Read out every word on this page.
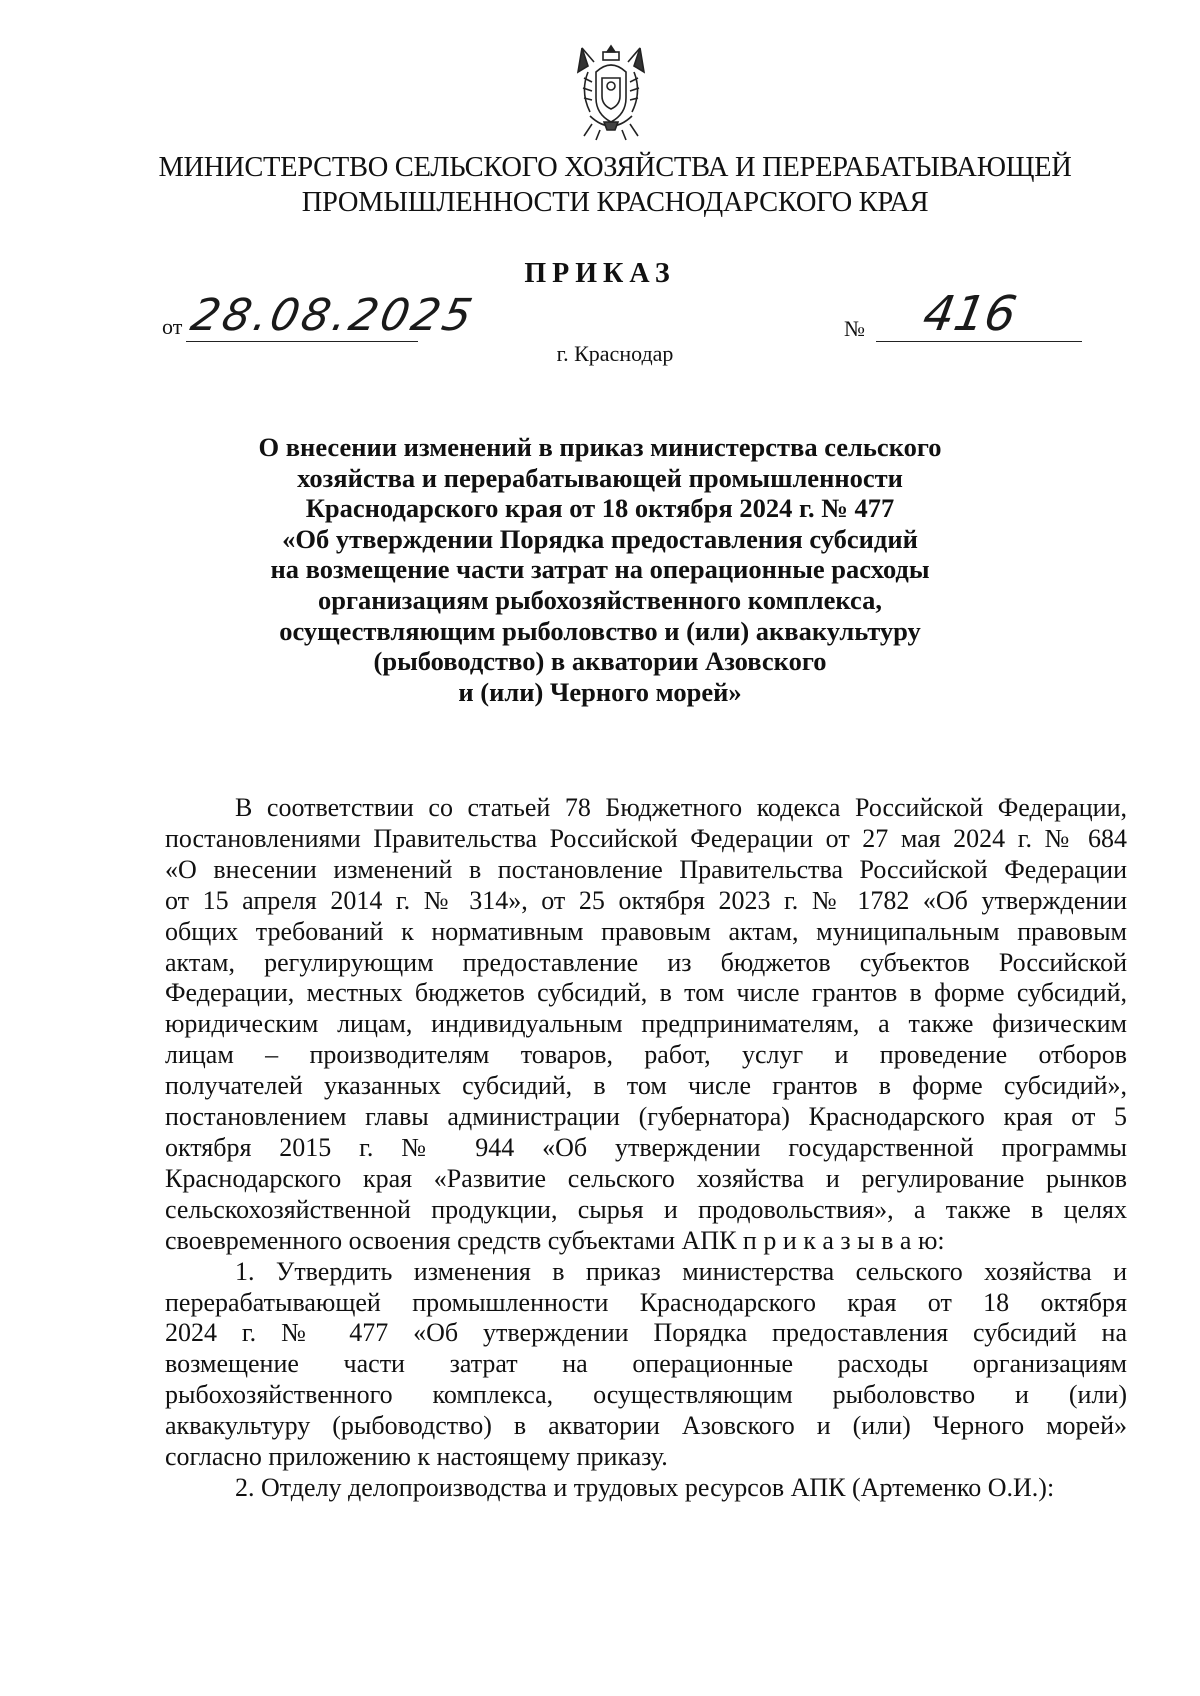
МИНИСТЕРСТВО СЕЛЬСКОГО ХОЗЯЙСТВА И ПЕРЕРАБАТЫВАЮЩЕЙ
ПРОМЫШЛЕННОСТИ КРАСНОДАРСКОГО КРАЯ
ПРИКАЗ
от 28.08.2025	№ 416
г. Краснодар
О внесении изменений в приказ министерства сельского
хозяйства и перерабатывающей промышленности
Краснодарского края от 18 октября 2024 г. № 477
«Об утверждении Порядка предоставления субсидий
на возмещение части затрат на операционные расходы
организациям рыбохозяйственного комплекса,
осуществляющим рыболовство и (или) аквакультуру
(рыбоводство) в акватории Азовского
и (или) Черного морей»
В соответствии со статьей 78 Бюджетного кодекса Российской Федерации,
постановлениями Правительства Российской Федерации от 27 мая 2024 г. № 684
«О внесении изменений в постановление Правительства Российской Федерации
от 15 апреля 2014 г. № 314», от 25 октября 2023 г. № 1782 «Об утверждении
общих требований к нормативным правовым актам, муниципальным правовым
актам, регулирующим предоставление из бюджетов субъектов Российской
Федерации, местных бюджетов субсидий, в том числе грантов в форме субсидий,
юридическим лицам, индивидуальным предпринимателям, а также физическим
лицам – производителям товаров, работ, услуг и проведение отборов
получателей указанных субсидий, в том числе грантов в форме субсидий»,
постановлением главы администрации (губернатора) Краснодарского края от 5
октября 2015 г. № 944 «Об утверждении государственной программы
Краснодарского края «Развитие сельского хозяйства и регулирование рынков
сельскохозяйственной продукции, сырья и продовольствия», а также в целях
своевременного освоения средств субъектами АПК п р и к а з ы в а ю:
1. Утвердить изменения в приказ министерства сельского хозяйства и
перерабатывающей промышленности Краснодарского края от 18 октября
2024 г. № 477 «Об утверждении Порядка предоставления субсидий на
возмещение части затрат на операционные расходы организациям
рыбохозяйственного комплекса, осуществляющим рыболовство и (или)
аквакультуру (рыбоводство) в акватории Азовского и (или) Черного морей»
согласно приложению к настоящему приказу.
2. Отделу делопроизводства и трудовых ресурсов АПК (Артеменко О.И.):
